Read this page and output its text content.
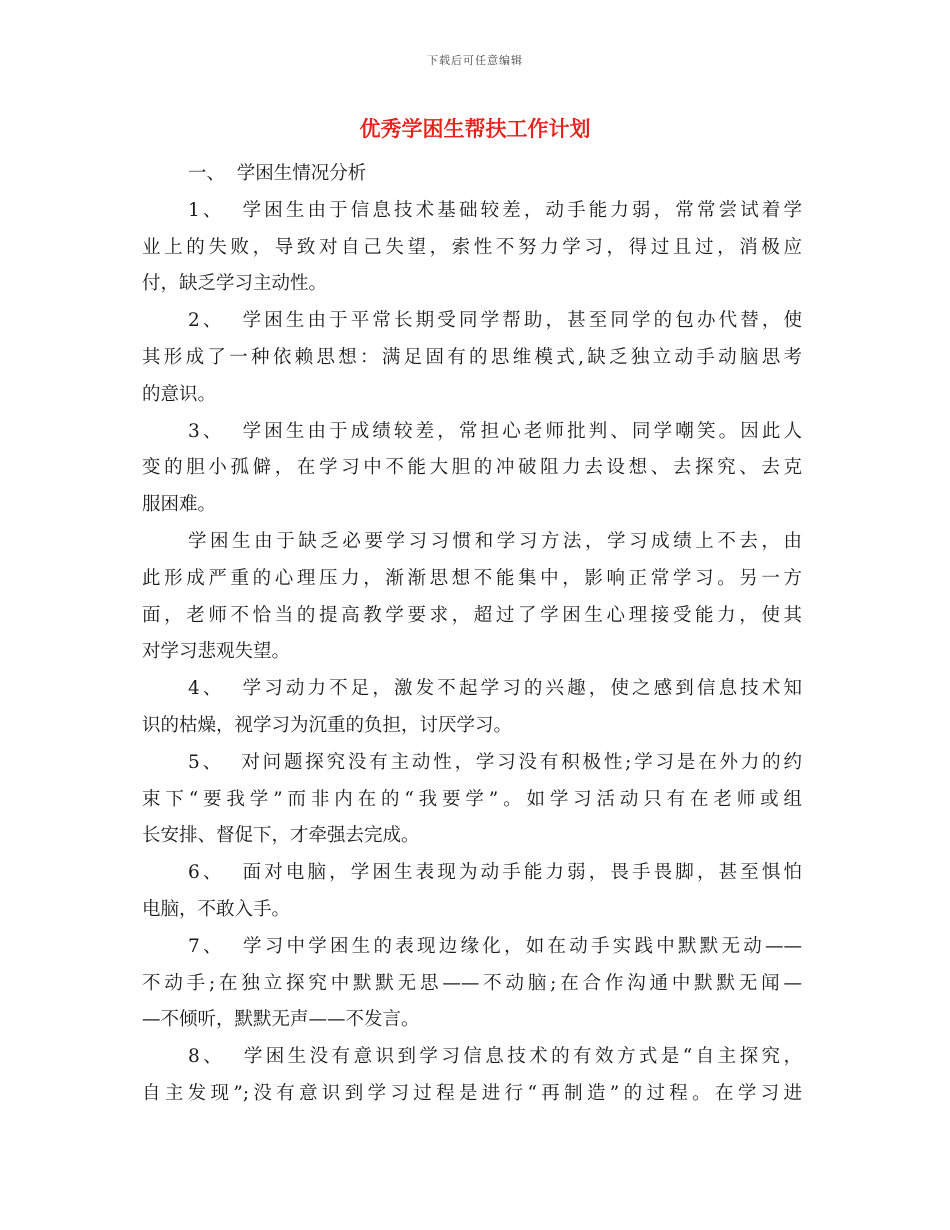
下载后可任意编辑
优秀学困生帮扶工作计划
一、  学困生情况分析
1、  学困生由于信息技术基础较差，动手能力弱，常常尝试着学
业上的失败，导致对自己失望，索性不努力学习，得过且过，消极应
付，缺乏学习主动性。
2、  学困生由于平常长期受同学帮助，甚至同学的包办代替，使
其形成了一种依赖思想：满足固有的思维模式,缺乏独立动手动脑思考
的意识。
3、  学困生由于成绩较差，常担心老师批判、同学嘲笑。因此人
变的胆小孤僻，在学习中不能大胆的冲破阻力去设想、去探究、去克
服困难。
学困生由于缺乏必要学习习惯和学习方法，学习成绩上不去，由
此形成严重的心理压力，渐渐思想不能集中，影响正常学习。另一方
面，老师不恰当的提高教学要求，超过了学困生心理接受能力，使其
对学习悲观失望。
4、  学习动力不足，激发不起学习的兴趣，使之感到信息技术知
识的枯燥，视学习为沉重的负担，讨厌学习。
5、  对问题探究没有主动性，学习没有积极性;学习是在外力的约
束下“要我学”而非内在的“我要学”。如学习活动只有在老师或组
长安排、督促下，才牵强去完成。
6、  面对电脑，学困生表现为动手能力弱，畏手畏脚，甚至惧怕
电脑，不敢入手。
7、  学习中学困生的表现边缘化，如在动手实践中默默无动——
不动手;在独立探究中默默无思——不动脑;在合作沟通中默默无闻—
—不倾听，默默无声——不发言。
8、  学困生没有意识到学习信息技术的有效方式是“自主探究，
自主发现”;没有意识到学习过程是进行“再制造”的过程。在学习进
